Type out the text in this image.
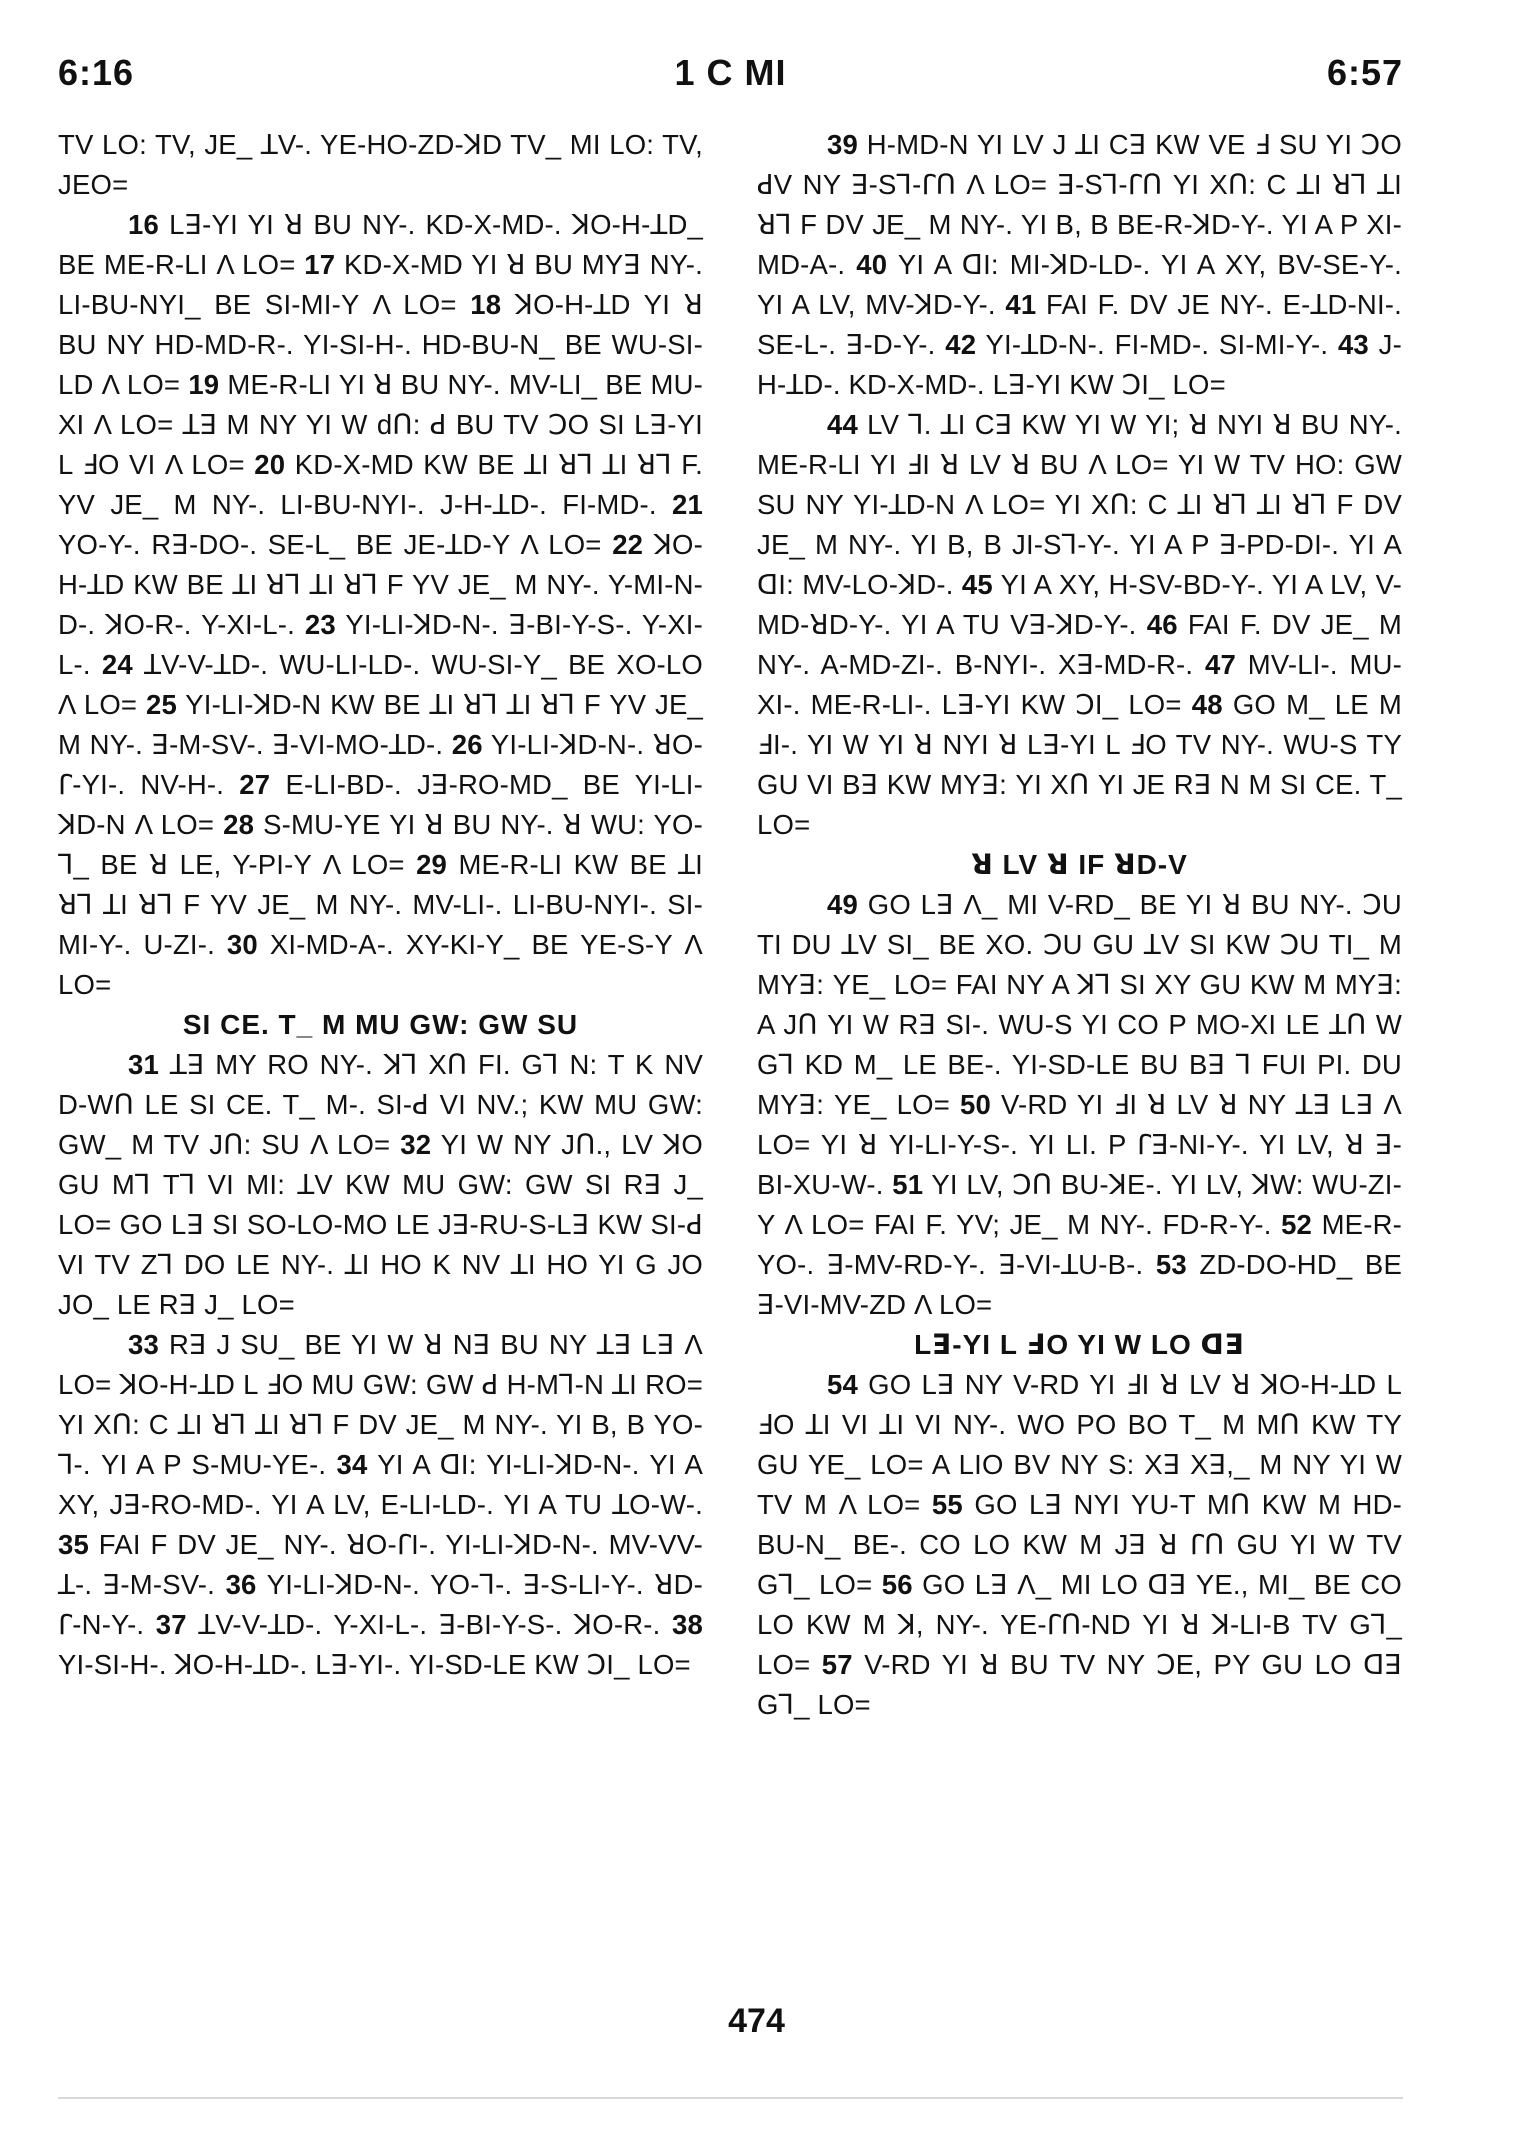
6:16	1 C MI	6:57

TV LO: TV, JE_ ꓕV-. YE-HO-ZD-ꓘD TV_ MI LO: TV, JEO=

16 Lꓱ-YI YI ꓤ BU NY-. KD-X-MD-. ꓘO-H-ꓕD_ BE ME-R-LI Λ LO= 17 KD-X-MD YI ꓤ BU MYꓱ NY-. LI-BU-NYI_ BE SI-MI-Y Λ LO= 18 ꓘO-H-ꓕD YI ꓤ BU NY HD-MD-R-. YI-SI-H-. HD-BU-N_ BE WU-SI-LD Λ LO= 19 ME-R-LI YI ꓤ BU NY-. MV-LI_ BE MU-XI Λ LO= ꓕꓱ M NY YI W dՈ: ꓒ BU TV ꓛO SI Lꓱ-YI L ꓞO VI Λ LO= 20 KD-X-MD KW BE ꓕI ꓤꓶ ꓕI ꓤꓶ F. YV JE_ M NY-. LI-BU-NYI-. J-H-ꓕD-. FI-MD-. 21 YO-Y-. Rꓱ-DO-. SE-L_ BE JE-ꓕD-Y Λ LO= 22 ꓘO-H-ꓕD KW BE ꓕI ꓤꓶ ꓕI ꓤꓶ F YV JE_ M NY-. Y-MI-N-D-. ꓘO-R-. Y-XI-L-. 23 YI-LI-ꓘD-N-. ꓱ-BI-Y-S-. Y-XI-L-. 24 ꓕV-V-ꓕD-. WU-LI-LD-. WU-SI-Y_ BE XO-LO Λ LO= 25 YI-LI-ꓘD-N KW BE ꓕI ꓤꓶ ꓕI ꓤꓶ F YV JE_ M NY-. ꓱ-M-SV-. ꓱ-VI-MO-ꓕD-. 26 YI-LI-ꓘD-N-. ꓤO-ꓩ-YI-. NV-H-. 27 E-LI-BD-. Jꓱ-RO-MD_ BE YI-LI-ꓘD-N Λ LO= 28 S-MU-YE YI ꓤ BU NY-. ꓤ WU: YO-ꓶ_ BE ꓤ LE, Y-PI-Y Λ LO= 29 ME-R-LI KW BE ꓕI ꓤꓶ ꓕI ꓤꓶ F YV JE_ M NY-. MV-LI-. LI-BU-NYI-. SI-MI-Y-. U-ZI-. 30 XI-MD-A-. XY-KI-Y_ BE YE-S-Y Λ LO=

SI CE. T_ M MU GW: GW SU

31 ꓕꓱ MY RO NY-. ꓘꓶ XՈ FI. Gꓶ N: T K NV D-WՈ LE SI CE. T_ M-. SI-ꓒ VI NV.; KW MU GW: GW_ M TV JՈ: SU Λ LO= 32 YI W NY JՈ., LV ꓘO GU Mꓶ Tꓶ VI MI: ꓕV KW MU GW: GW SI Rꓱ J_ LO= GO Lꓱ SI SO-LO-MO LE Jꓱ-RU-S-Lꓱ KW SI-ꓒ VI TV Zꓶ DO LE NY-. ꓕI HO K NV ꓕI HO YI G JO JO_ LE Rꓱ J_ LO=

33 Rꓱ J SU_ BE YI W ꓤ Nꓱ BU NY ꓕꓱ Lꓱ Λ LO= ꓘO-H-ꓕD L ꓞO MU GW: GW ꓒ H-Mꓶ-N ꓕI RO= YI XՈ: C ꓕI ꓤꓶ ꓕI ꓤꓶ F DV JE_ M NY-. YI B, B YO-ꓶ-. YI A P S-MU-YE-. 34 YI A ꓷI: YI-LI-ꓘD-N-. YI A XY, Jꓱ-RO-MD-. YI A LV, E-LI-LD-. YI A TU ꓕO-W-. 35 FAI F DV JE_ NY-. ꓤO-ꓩI-. YI-LI-ꓘD-N-. MV-VV-ꓕ-. ꓱ-M-SV-. 36 YI-LI-ꓘD-N-. YO-ꓶ-. ꓱ-S-LI-Y-. ꓤD-ꓩ-N-Y-. 37 ꓕV-V-ꓕD-. Y-XI-L-. ꓱ-BI-Y-S-. ꓘO-R-. 38 YI-SI-H-. ꓘO-H-ꓕD-. Lꓱ-YI-. YI-SD-LE KW ꓛI_ LO=

39 H-MD-N YI LV J ꓕI Cꓱ KW VE ꓞ SU YI ꓛO ꓒV NY ꓱ-Sꓶ-ꓩՈ Λ LO= ꓱ-Sꓶ-ꓩՈ YI XՈ: C ꓕI ꓤꓶ ꓕI ꓤꓶ F DV JE_ M NY-. YI B, B BE-R-ꓘD-Y-. YI A P XI-MD-A-. 40 YI A ꓷI: MI-ꓘD-LD-. YI A XY, BV-SE-Y-. YI A LV, MV-ꓘD-Y-. 41 FAI F. DV JE NY-. E-ꓕD-NI-. SE-L-. ꓱ-D-Y-. 42 YI-ꓕD-N-. FI-MD-. SI-MI-Y-. 43 J-H-ꓕD-. KD-X-MD-. Lꓱ-YI KW ꓛI_ LO=

44 LV ꓶ. ꓕI Cꓱ KW YI W YI; ꓤ NYI ꓤ BU NY-. ME-R-LI YI ꓞI ꓤ LV ꓤ BU Λ LO= YI W TV HO: GW SU NY YI-ꓕD-N Λ LO= YI XՈ: C ꓕI ꓤꓶ ꓕI ꓤꓶ F DV JE_ M NY-. YI B, B JI-Sꓶ-Y-. YI A P ꓱ-PD-DI-. YI A ꓷI: MV-LO-ꓘD-. 45 YI A XY, H-SV-BD-Y-. YI A LV, V-MD-ꓤD-Y-. YI A TU Vꓱ-ꓘD-Y-. 46 FAI F. DV JE_ M NY-. A-MD-ZI-. B-NYI-. Xꓱ-MD-R-. 47 MV-LI-. MU-XI-. ME-R-LI-. Lꓱ-YI KW ꓛI_ LO= 48 GO M_ LE M ꓞI-. YI W YI ꓤ NYI ꓤ Lꓱ-YI L ꓞO TV NY-. WU-S TY GU VI Bꓱ KW MYꓱ: YI XՈ YI JE Rꓱ N M SI CE. T_ LO=

ꓤ LV ꓤ IF ꓤD-V

49 GO Lꓱ Λ_ MI V-RD_ BE YI ꓤ BU NY-. ꓛU TI DU ꓕV SI_ BE XO. ꓛU GU ꓕV SI KW ꓛU TI_ M MYꓱ: YE_ LO= FAI NY A ꓘꓶ SI XY GU KW M MYꓱ: A JՈ YI W Rꓱ SI-. WU-S YI CO P MO-XI LE ꓕՈ W Gꓶ KD M_ LE BE-. YI-SD-LE BU Bꓱ ꓶ FUI PI. DU MYꓱ: YE_ LO= 50 V-RD YI ꓞI ꓤ LV ꓤ NY ꓕꓱ Lꓱ Λ LO= YI ꓤ YI-LI-Y-S-. YI LI. P ꓩꓱ-NI-Y-. YI LV, ꓤ ꓱ-BI-XU-W-. 51 YI LV, ꓛՈ BU-ꓘE-. YI LV, ꓘW: WU-ZI-Y Λ LO= FAI F. YV; JE_ M NY-. FD-R-Y-. 52 ME-R-YO-. ꓱ-MV-RD-Y-. ꓱ-VI-ꓕU-B-. 53 ZD-DO-HD_ BE ꓱ-VI-MV-ZD Λ LO=

Lꓱ-YI L ꓞO YI W LO ꓷꓱ

54 GO Lꓱ NY V-RD YI ꓞI ꓤ LV ꓤ ꓘO-H-ꓕD L ꓞO ꓕI VI ꓕI VI NY-. WO PO BO T_ M MՈ KW TY GU YE_ LO= A LIO BV NY S: Xꓱ Xꓱ,_ M NY YI W TV M Λ LO= 55 GO Lꓱ NYI YU-T MՈ KW M HD-BU-N_ BE-. CO LO KW M Jꓱ ꓤ ꓩՈ GU YI W TV Gꓶ_ LO= 56 GO Lꓱ Λ_ MI LO ꓷꓱ YE., MI_ BE CO LO KW M ꓘ, NY-. YE-ꓩՈ-ND YI ꓤ ꓘ-LI-B TV Gꓶ_ LO= 57 V-RD YI ꓤ BU TV NY ꓛE, PY GU LO ꓷꓱ Gꓶ_ LO=

474
